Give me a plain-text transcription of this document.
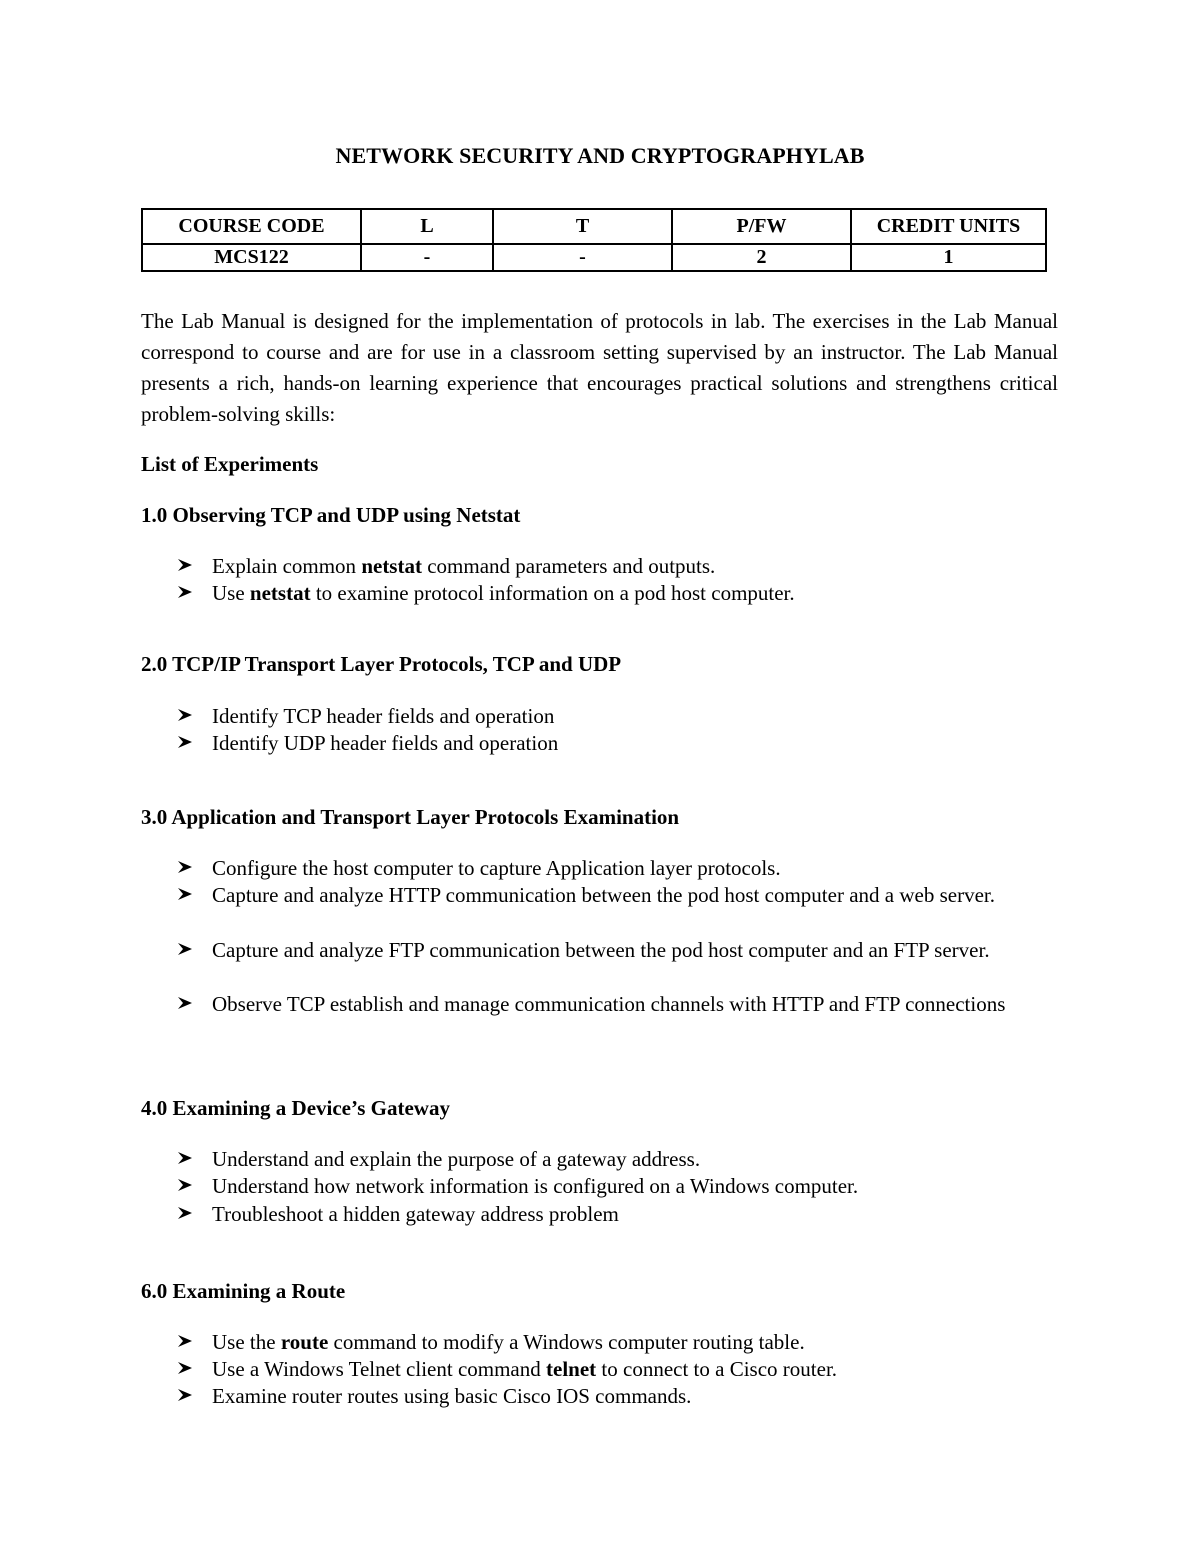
NETWORK SECURITY AND CRYPTOGRAPHYLAB
COURSE CODE	L	T	P/FW	CREDIT UNITS
MCS122	-	-	2	1

The Lab Manual is designed for the implementation of protocols in lab. The exercises in the Lab Manual correspond to course and are for use in a classroom setting supervised by an instructor. The Lab Manual presents a rich, hands-on learning experience that encourages practical solutions and strengthens critical problem-solving skills:

List of Experiments
1.0 Observing TCP and UDP using Netstat
Explain common netstat command parameters and outputs.
Use netstat to examine protocol information on a pod host computer.
2.0 TCP/IP Transport Layer Protocols, TCP and UDP
Identify TCP header fields and operation
Identify UDP header fields and operation
3.0 Application and Transport Layer Protocols Examination
Configure the host computer to capture Application layer protocols.
Capture and analyze HTTP communication between the pod host computer and a web server.
Capture and analyze FTP communication between the pod host computer and an FTP server.
Observe TCP establish and manage communication channels with HTTP and FTP connections
4.0 Examining a Device’s Gateway
Understand and explain the purpose of a gateway address.
Understand how network information is configured on a Windows computer.
Troubleshoot a hidden gateway address problem
6.0 Examining a Route
Use the route command to modify a Windows computer routing table.
Use a Windows Telnet client command telnet to connect to a Cisco router.
Examine router routes using basic Cisco IOS commands.
